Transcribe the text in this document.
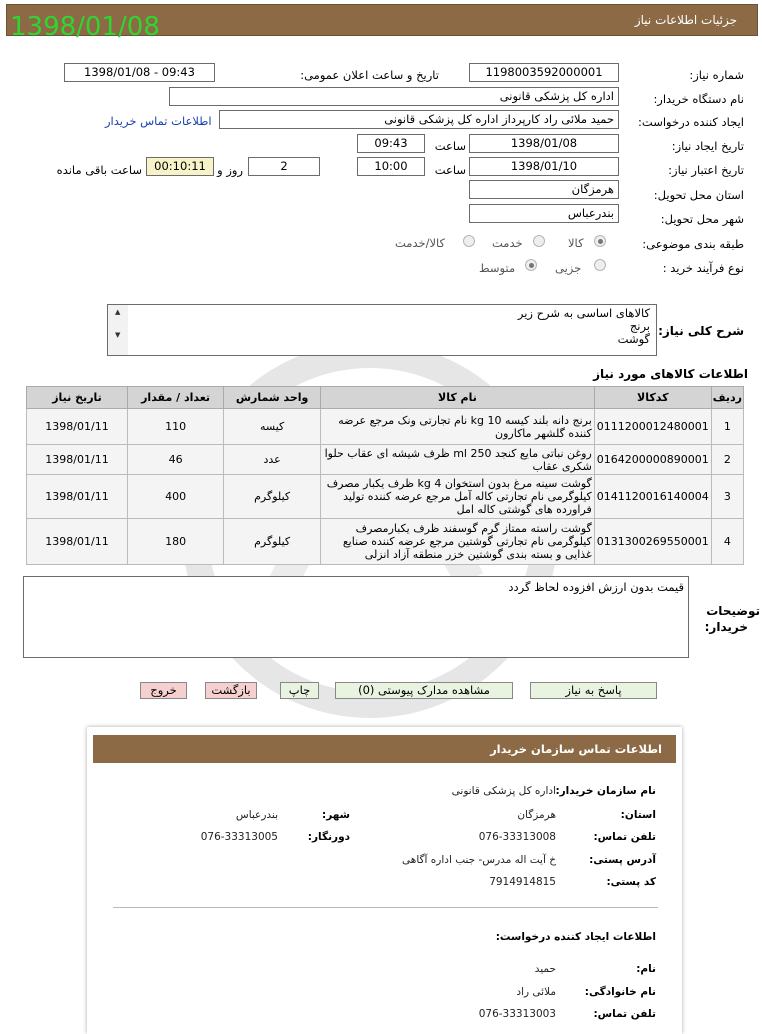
1398/01/08	جزئیات اطلاعات نیاز
شماره نیاز:
1198003592000001
تاریخ و ساعت اعلان عمومی:
1398/01/08 - 09:43
نام دستگاه خریدار:
اداره کل پزشکی قانونی
ایجاد کننده درخواست:
حمید ملائی راد کارپرداز اداره کل پزشکی قانونی
اطلاعات تماس خریدار
تاریخ ایجاد نیاز:
1398/01/08
ساعت
09:43
تاریخ اعتبار نیاز:
1398/01/10
ساعت
10:00
2
روز و
00:10:11
ساعت باقی مانده
استان محل تحویل:
هرمزگان
شهر محل تحویل:
بندرعباس
طبقه بندی موضوعی:
کالا
خدمت
کالا/خدمت
نوع فرآیند خرید :
جزیی
متوسط
شرح کلی نیاز:
کالاهای اساسی به شرح زیر
برنج
گوشت
▲
▼
اطلاعات کالاهای مورد نیاز
ردیف	کدکالا	نام کالا	واحد شمارش	تعداد / مقدار	تاریخ نیاز
1	0111200012480001	برنج دانه بلند کیسه 10 kg نام تجارتی ونک مرجع عرضه کننده گلشهر ماکارون	کیسه	110	1398/01/11
2	0164200000890001	روغن نباتی مایع کنجد 250 ml ظرف شیشه ای عقاب حلوا شکری عقاب	عدد	46	1398/01/11
3	0141120016140004	گوشت سینه مرغ بدون استخوان 4 kg ظرف یکبار مصرف کیلوگرمی نام تجارتی کاله آمل مرجع عرضه کننده تولید فراورده های گوشتی کاله امل	کیلوگرم	400	1398/01/11
4	0131300269550001	گوشت راسته ممتاز گرم گوسفند ظرف یکبارمصرف کیلوگرمی نام تجارتی گوشتین مرجع عرضه کننده صنایع غذایی و بسته بندی گوشتین خزر منطقه آزاد انزلی	کیلوگرم	180	1398/01/11
توضیحات
خریدار:
قیمت بدون ارزش افزوده لحاظ گردد
پاسخ به نیاز
مشاهده مدارک پیوستی (0)
چاپ
بازگشت
خروج
اطلاعات تماس سازمان خریدار
نام سازمان خریدار:
اداره کل پزشکی قانونی
استان:
هرمزگان
شهر:
بندرعباس
تلفن تماس:
076-33313008
دورنگار:
076-33313005
آدرس پستی:
خ آیت اله مدرس- جنب اداره آگاهی
کد پستی:
7914914815
اطلاعات ایجاد کننده درخواست:
نام:
حمید
نام خانوادگی:
ملائی راد
تلفن تماس:
076-33313003
